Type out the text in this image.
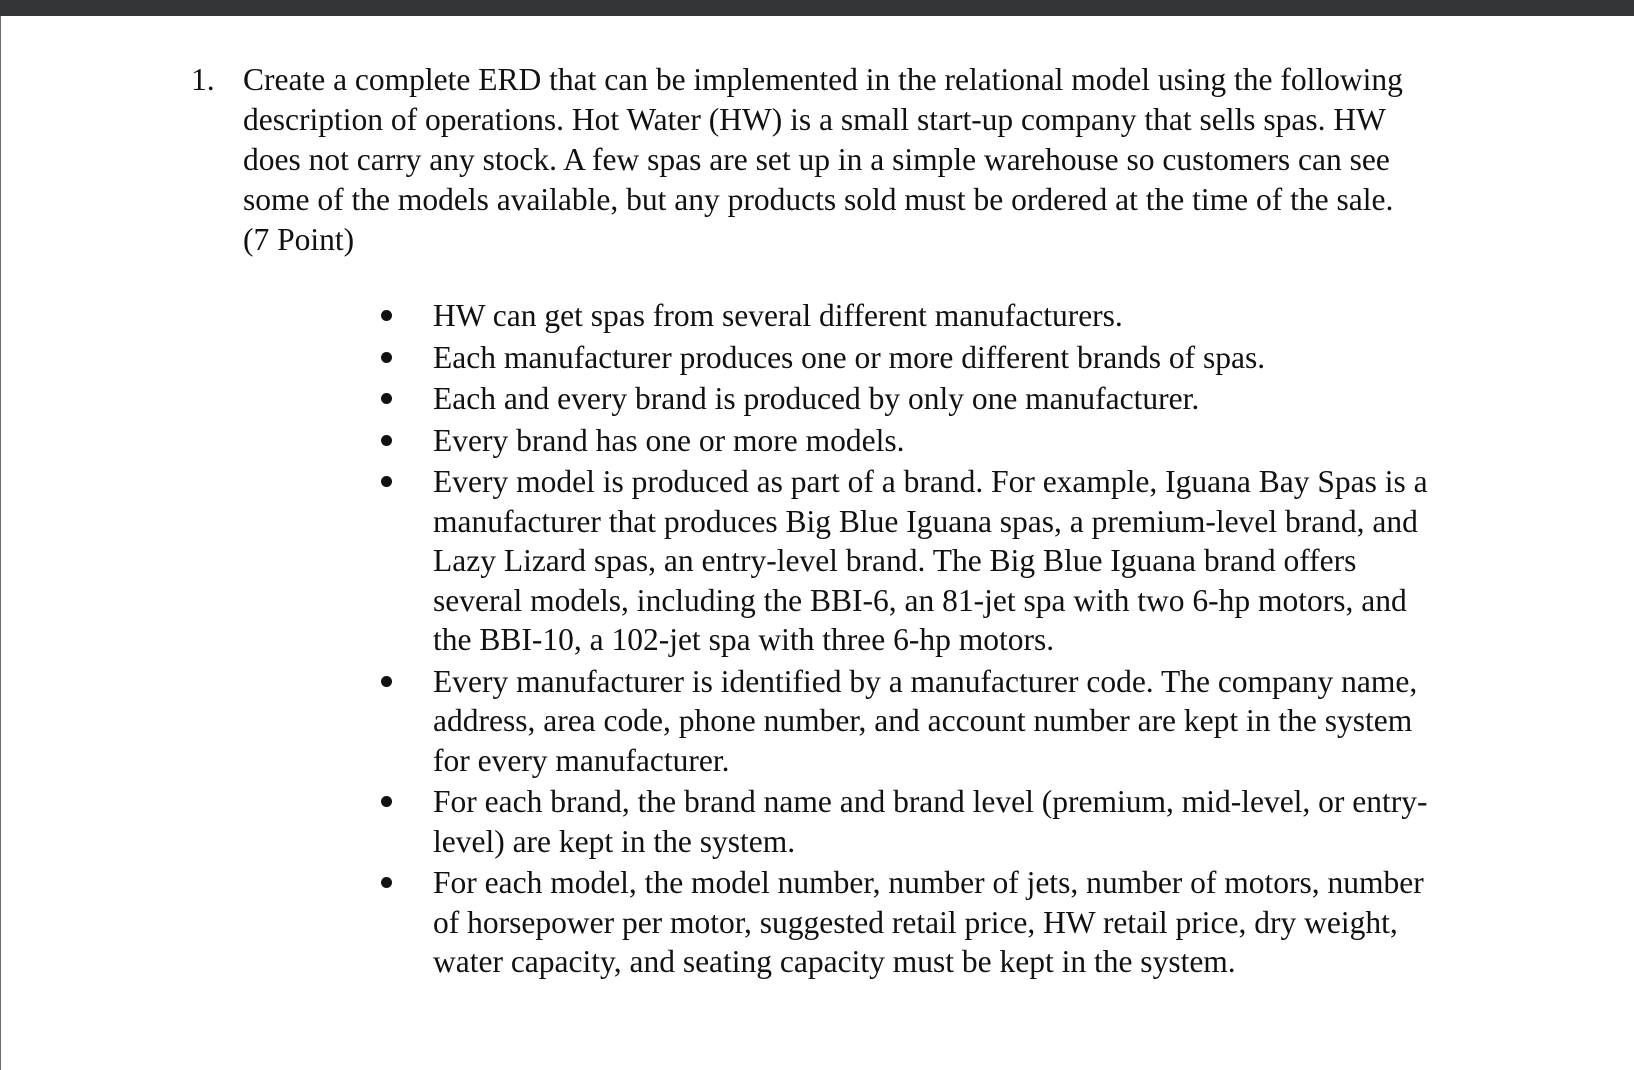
1. Create a complete ERD that can be implemented in the relational model using the following description of operations. Hot Water (HW) is a small start-up company that sells spas. HW does not carry any stock. A few spas are set up in a simple warehouse so customers can see some of the models available, but any products sold must be ordered at the time of the sale.

(7 Point)

HW can get spas from several different manufacturers.
Each manufacturer produces one or more different brands of spas.
Each and every brand is produced by only one manufacturer.
Every brand has one or more models.
Every model is produced as part of a brand. For example, Iguana Bay Spas is a manufacturer that produces Big Blue Iguana spas, a premium-level brand, and Lazy Lizard spas, an entry-level brand. The Big Blue Iguana brand offers several models, including the BBI-6, an 81-jet spa with two 6-hp motors, and the BBI-10, a 102-jet spa with three 6-hp motors.
Every manufacturer is identified by a manufacturer code. The company name, address, area code, phone number, and account number are kept in the system for every manufacturer.
For each brand, the brand name and brand level (premium, mid-level, or entry-level) are kept in the system.
For each model, the model number, number of jets, number of motors, number of horsepower per motor, suggested retail price, HW retail price, dry weight, water capacity, and seating capacity must be kept in the system.
